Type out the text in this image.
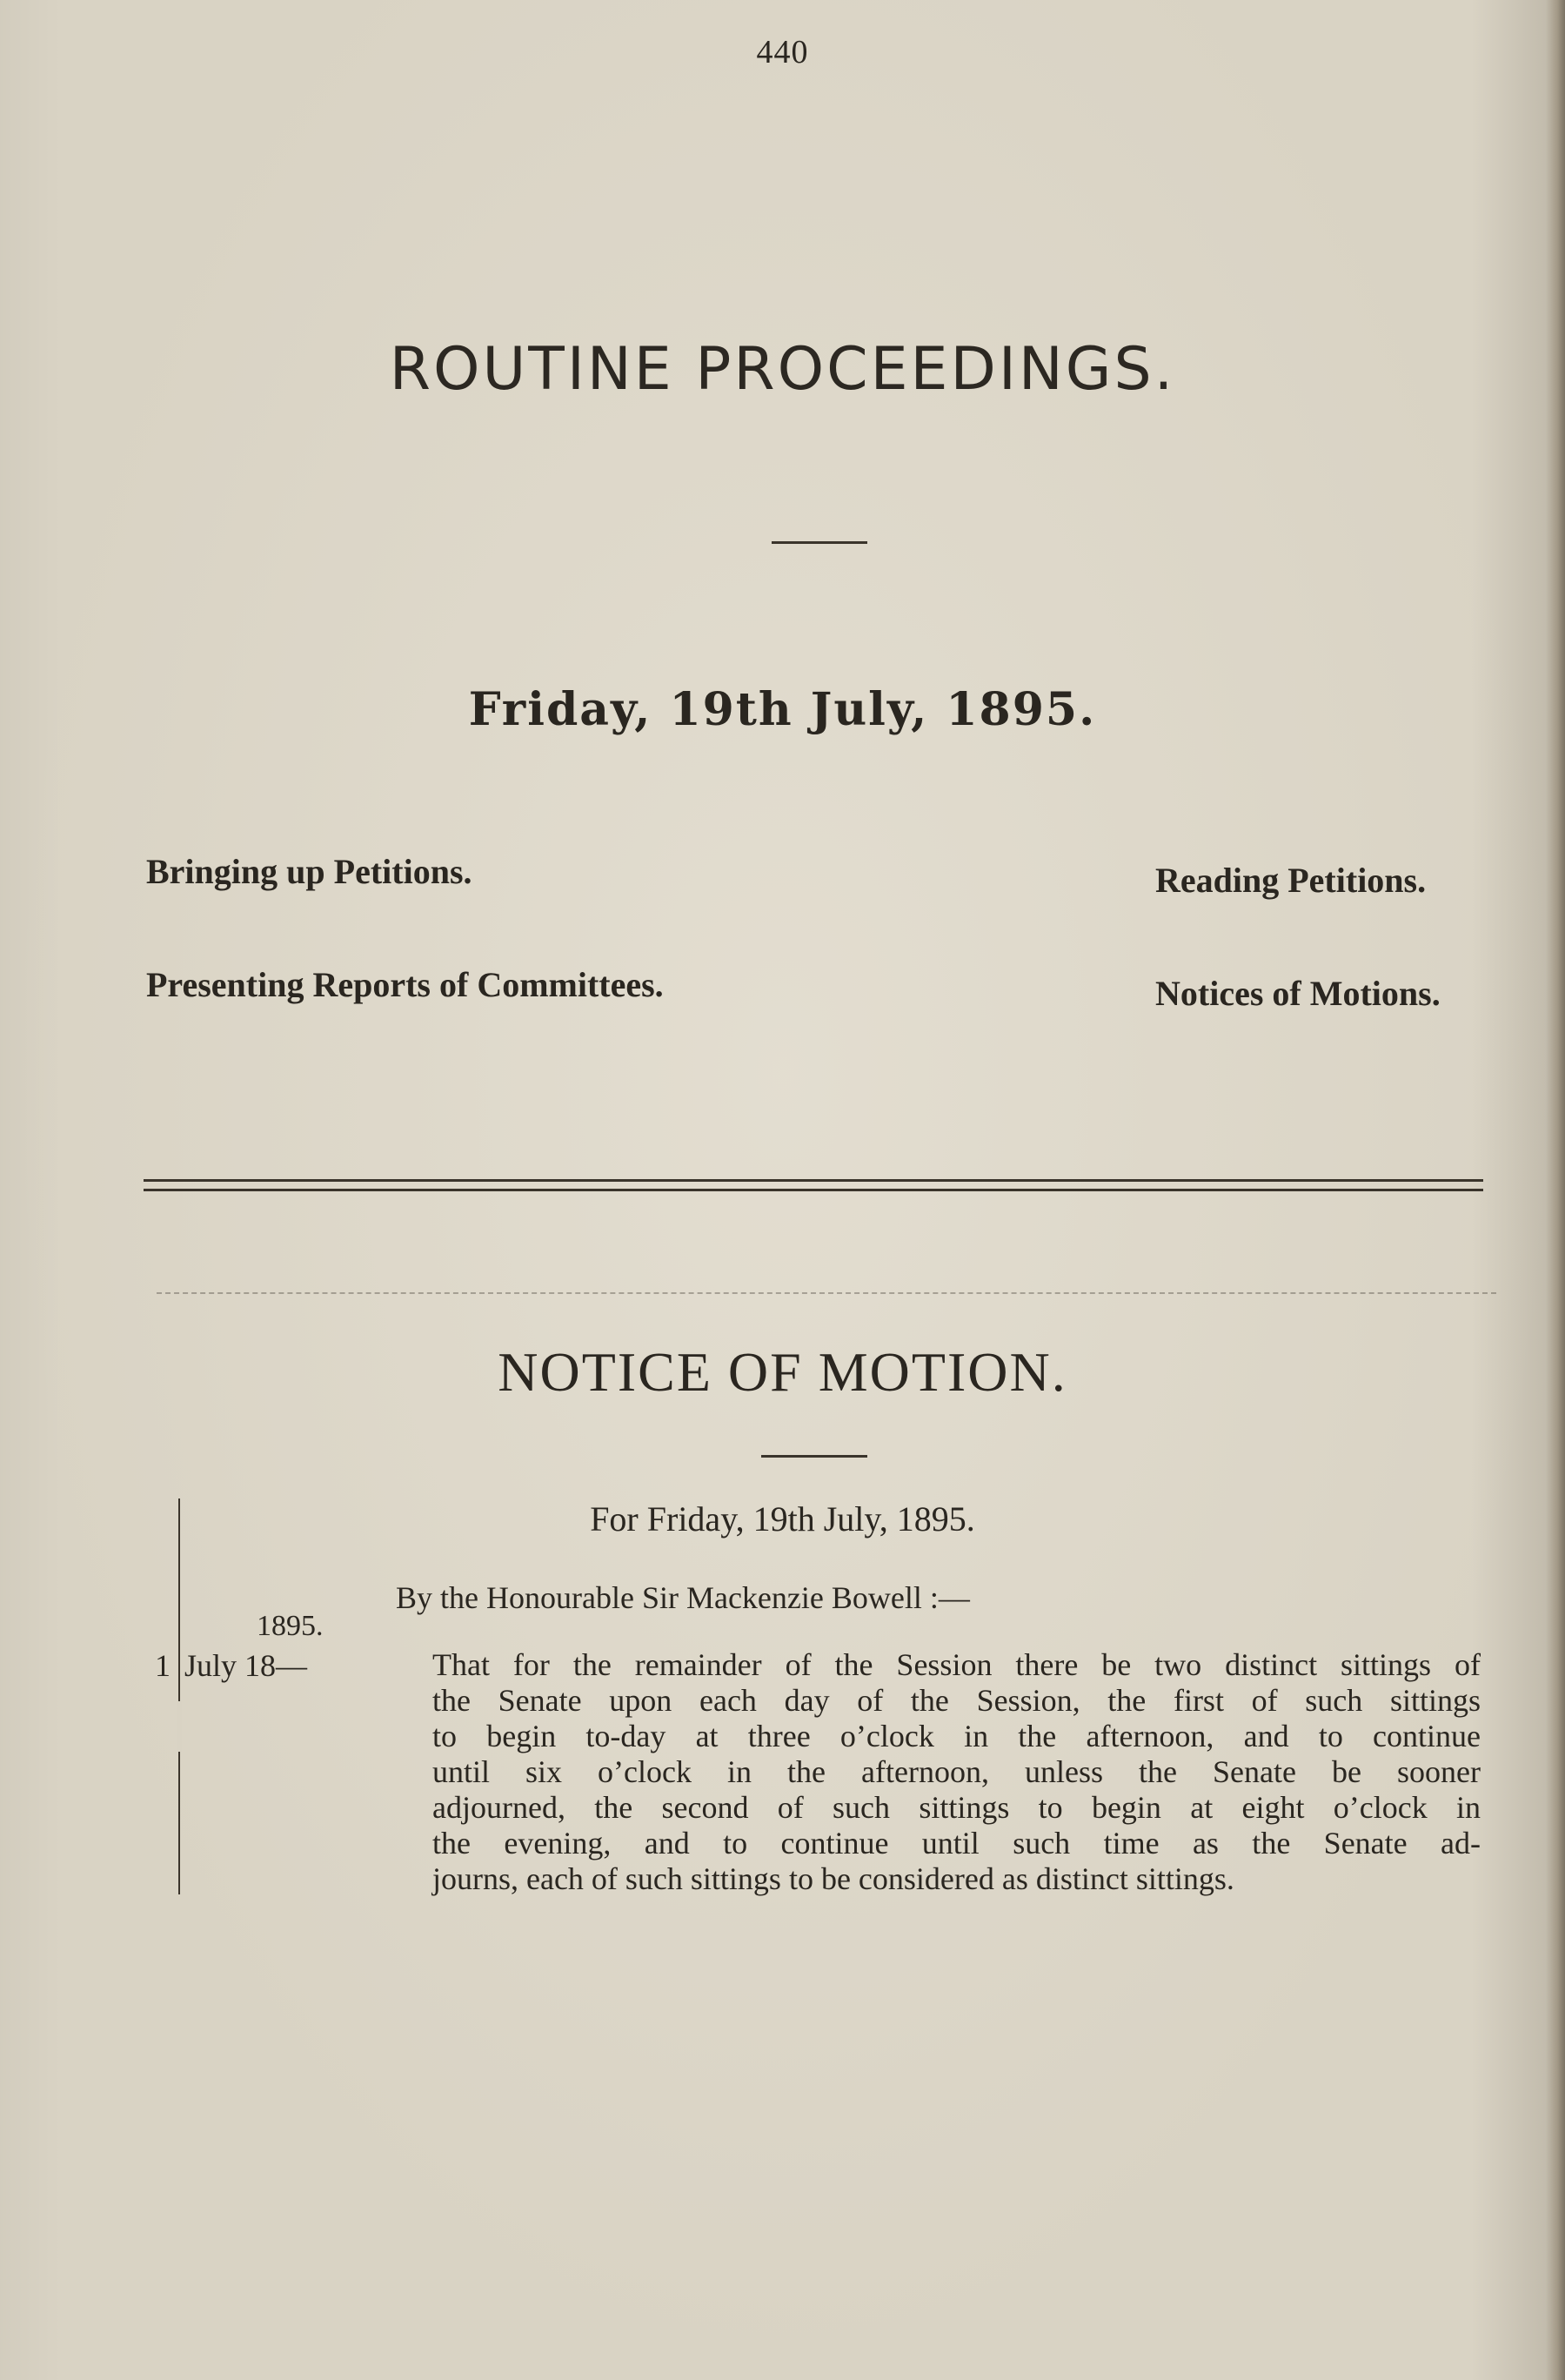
440
ROUTINE PROCEEDINGS.
Friday, 19th July, 1895.
Bringing up Petitions.	Reading Petitions.
Presenting Reports of Committees.	Notices of Motions.
NOTICE OF MOTION.
For Friday, 19th July, 1895.
By the Honourable Sir Mackenzie Bowell :—
1895.
1 July 18—	That for the remainder of the Session there be two distinct sittings of
the Senate upon each day of the Session, the first of such sittings
to begin to-day at three o’clock in the afternoon, and to continue
until six o’clock in the afternoon, unless the Senate be sooner
adjourned, the second of such sittings to begin at eight o’clock in
the evening, and to continue until such time as the Senate ad-
journs, each of such sittings to be considered as distinct sittings.
